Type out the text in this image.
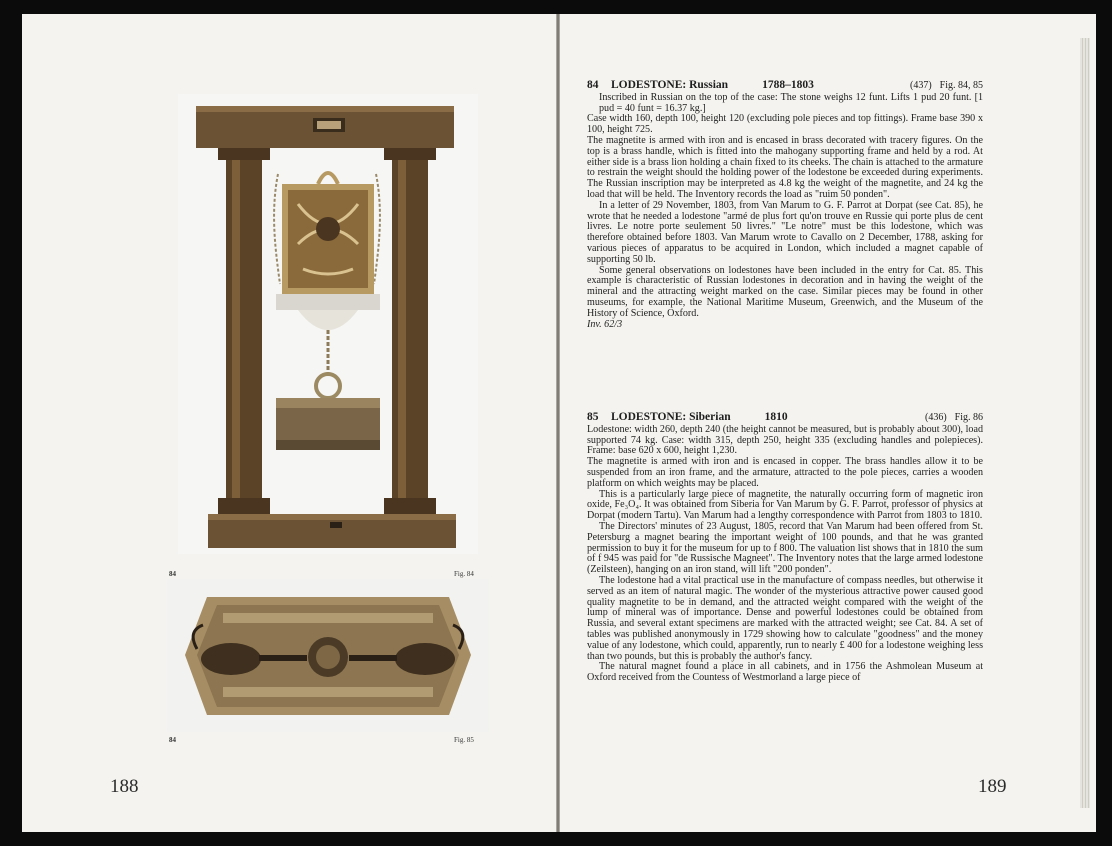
84	Fig. 84
84	Fig. 85
188
84	LODESTONE: Russian	1788–1803	(437) Fig. 84, 85

Inscribed in Russian on the top of the case: The stone weighs 12 funt. Lifts 1 pud 20 funt. [1 pud = 40 funt = 16.37 kg.]

Case width 160, depth 100, height 120 (excluding pole pieces and top fittings). Frame base 390 x 100, height 725.

The magnetite is armed with iron and is encased in brass decorated with tracery figures. On the top is a brass handle, which is fitted into the mahogany supporting frame and held by a rod. At either side is a brass lion holding a chain fixed to its cheeks. The chain is attached to the armature to restrain the weight should the holding power of the lodestone be exceeded during experiments. The Russian inscription may be interpreted as 4.8 kg the weight of the magnetite, and 24 kg the load that will be held. The Inventory records the load as "ruim 50 ponden".

In a letter of 29 November, 1803, from Van Marum to G. F. Parrot at Dorpat (see Cat. 85), he wrote that he needed a lodestone "armé de plus fort qu'on trouve en Russie qui porte plus de cent livres. Le notre porte seulement 50 livres." "Le notre" must be this lodestone, which was therefore obtained before 1803. Van Marum wrote to Cavallo on 2 December, 1788, asking for various pieces of apparatus to be acquired in London, which included a magnet capable of supporting 50 lb.

Some general observations on lodestones have been included in the entry for Cat. 85. This example is characteristic of Russian lodestones in decoration and in having the weight of the mineral and the attracting weight marked on the case. Similar pieces may be found in other museums, for example, the National Maritime Museum, Greenwich, and the Museum of the History of Science, Oxford.

Inv. 62/3

85	LODESTONE: Siberian	1810	(436) Fig. 86

Lodestone: width 260, depth 240 (the height cannot be measured, but is probably about 300), load supported 74 kg. Case: width 315, depth 250, height 335 (excluding handles and polepieces). Frame: base 620 x 600, height 1,230.

The magnetite is armed with iron and is encased in copper. The brass handles allow it to be suspended from an iron frame, and the armature, attracted to the pole pieces, carries a wooden platform on which weights may be placed.

This is a particularly large piece of magnetite, the naturally occurring form of magnetic iron oxide, Fe₃O₄. It was obtained from Siberia for Van Marum by G. F. Parrot, professor of physics at Dorpat (modern Tartu). Van Marum had a lengthy correspondence with Parrot from 1803 to 1810.

The Directors' minutes of 23 August, 1805, record that Van Marum had been offered from St. Petersburg a magnet bearing the important weight of 100 pounds, and that he was granted permission to buy it for the museum for up to f 800. The valuation list shows that in 1810 the sum of f 945 was paid for "de Russische Magneet". The Inventory notes that the large armed lodestone (Zeilsteen), hanging on an iron stand, will lift "200 ponden".

The lodestone had a vital practical use in the manufacture of compass needles, but otherwise it served as an item of natural magic. The wonder of the mysterious attractive power caused good quality magnetite to be in demand, and the attracted weight compared with the weight of the lump of mineral was of importance. Dense and powerful lodestones could be obtained from Russia, and several extant specimens are marked with the attracted weight; see Cat. 84. A set of tables was published anonymously in 1729 showing how to calculate "goodness" and the money value of any lodestone, which could, apparently, run to nearly £ 400 for a lodestone weighing less than two pounds, but this is probably the author's fancy.

The natural magnet found a place in all cabinets, and in 1756 the Ashmolean Museum at Oxford received from the Countess of Westmorland a large piece of

189
